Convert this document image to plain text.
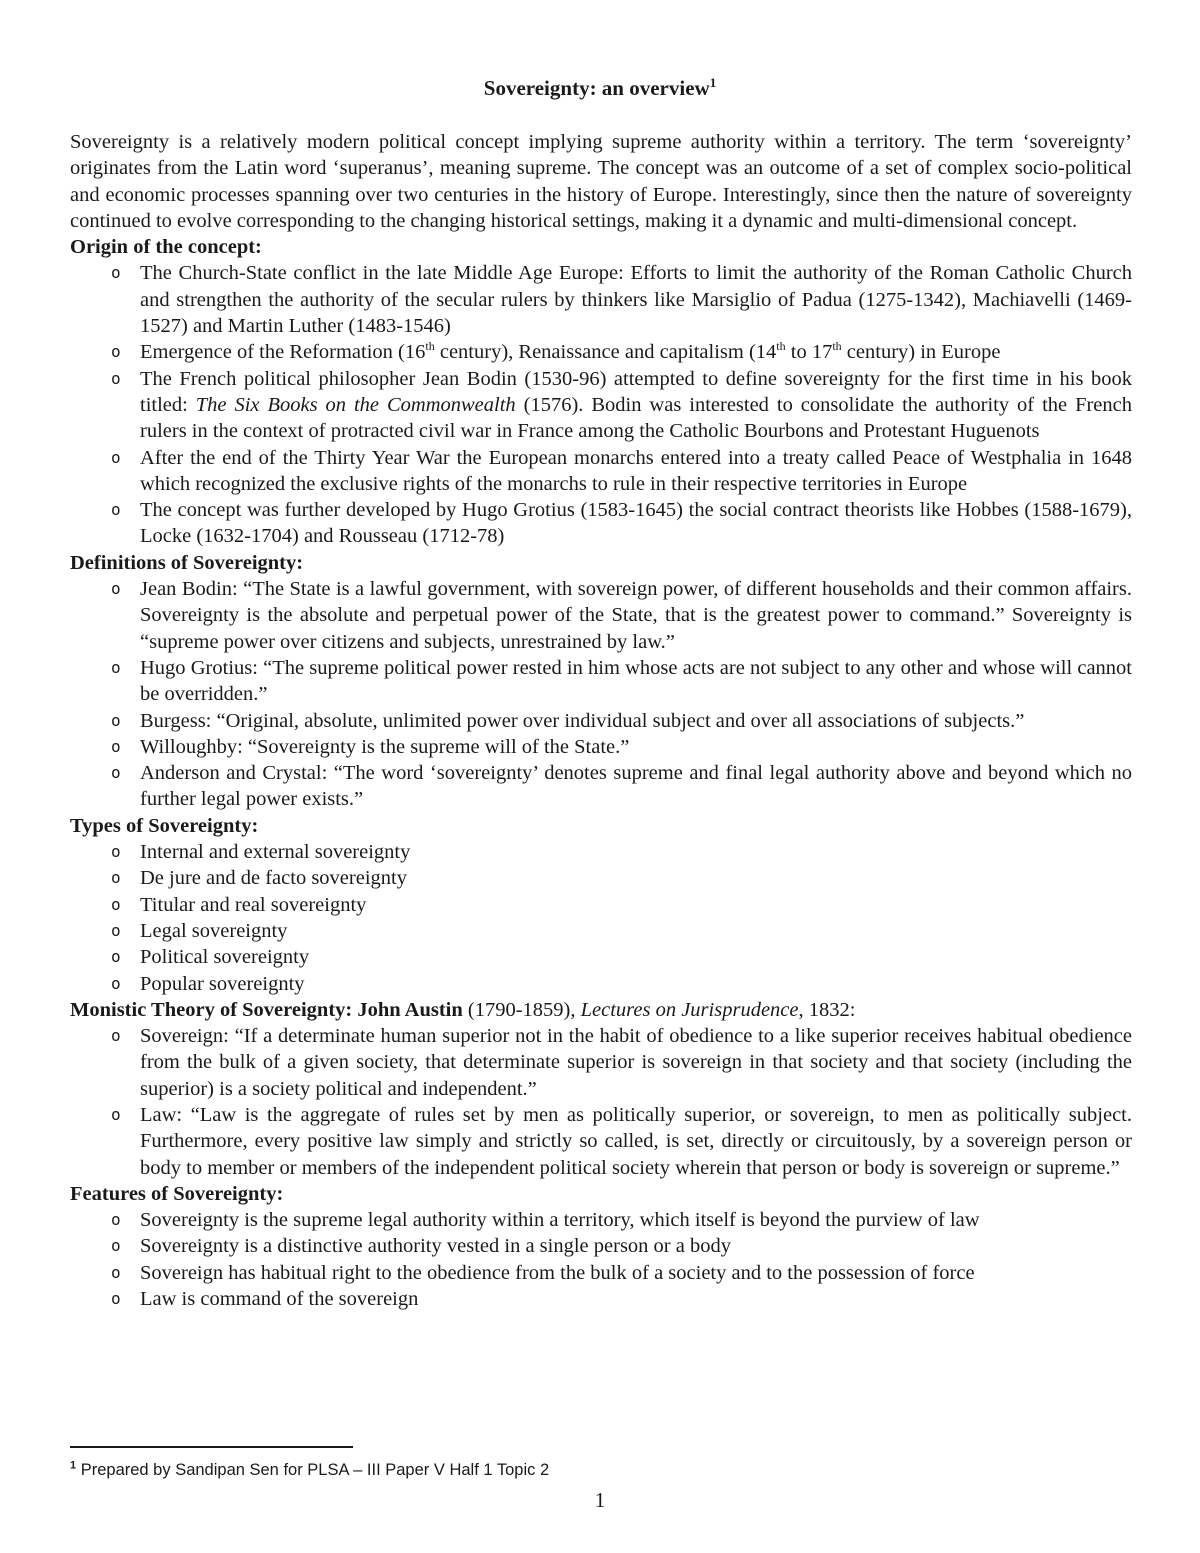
Sovereignty: an overview$^1$

Sovereignty is a relatively modern political concept implying supreme authority within a territory. The term ‘sovereignty’ originates from the Latin word ‘superanus’, meaning supreme. The concept was an outcome of a set of complex socio-political and economic processes spanning over two centuries in the history of Europe. Interestingly, since then the nature of sovereignty continued to evolve corresponding to the changing historical settings, making it a dynamic and multi-dimensional concept.

Origin of the concept:

o The Church-State conflict in the late Middle Age Europe: Efforts to limit the authority of the Roman Catholic Church and strengthen the authority of the secular rulers by thinkers like Marsiglio of Padua (1275-1342), Machiavelli (1469-1527) and Martin Luther (1483-1546)
o Emergence of the Reformation (16th century), Renaissance and capitalism (14th to 17th century) in Europe
o The French political philosopher Jean Bodin (1530-96) attempted to define sovereignty for the first time in his book titled: The Six Books on the Commonwealth (1576). Bodin was interested to consolidate the authority of the French rulers in the context of protracted civil war in France among the Catholic Bourbons and Protestant Huguenots
o After the end of the Thirty Year War the European monarchs entered into a treaty called Peace of Westphalia in 1648 which recognized the exclusive rights of the monarchs to rule in their respective territories in Europe
o The concept was further developed by Hugo Grotius (1583-1645) the social contract theorists like Hobbes (1588-1679), Locke (1632-1704) and Rousseau (1712-78)

Definitions of Sovereignty:

o Jean Bodin: “The State is a lawful government, with sovereign power, of different households and their common affairs. Sovereignty is the absolute and perpetual power of the State, that is the greatest power to command.” Sovereignty is “supreme power over citizens and subjects, unrestrained by law.”
o Hugo Grotius: “The supreme political power rested in him whose acts are not subject to any other and whose will cannot be overridden.”
o Burgess: “Original, absolute, unlimited power over individual subject and over all associations of subjects.”
o Willoughby: “Sovereignty is the supreme will of the State.”
o Anderson and Crystal: “The word ‘sovereignty’ denotes supreme and final legal authority above and beyond which no further legal power exists.”

Types of Sovereignty:

o Internal and external sovereignty
o De jure and de facto sovereignty
o Titular and real sovereignty
o Legal sovereignty
o Political sovereignty
o Popular sovereignty

Monistic Theory of Sovereignty: John Austin (1790-1859), Lectures on Jurisprudence, 1832:

o Sovereign: “If a determinate human superior not in the habit of obedience to a like superior receives habitual obedience from the bulk of a given society, that determinate superior is sovereign in that society and that society (including the superior) is a society political and independent.”
o Law: “Law is the aggregate of rules set by men as politically superior, or sovereign, to men as politically subject. Furthermore, every positive law simply and strictly so called, is set, directly or circuitously, by a sovereign person or body to member or members of the independent political society wherein that person or body is sovereign or supreme.”

Features of Sovereignty:

o Sovereignty is the supreme legal authority within a territory, which itself is beyond the purview of law
o Sovereignty is a distinctive authority vested in a single person or a body
o Sovereign has habitual right to the obedience from the bulk of a society and to the possession of force
o Law is command of the sovereign
$^1$ Prepared by Sandipan Sen for PLSA – III Paper V Half 1 Topic 2
1
